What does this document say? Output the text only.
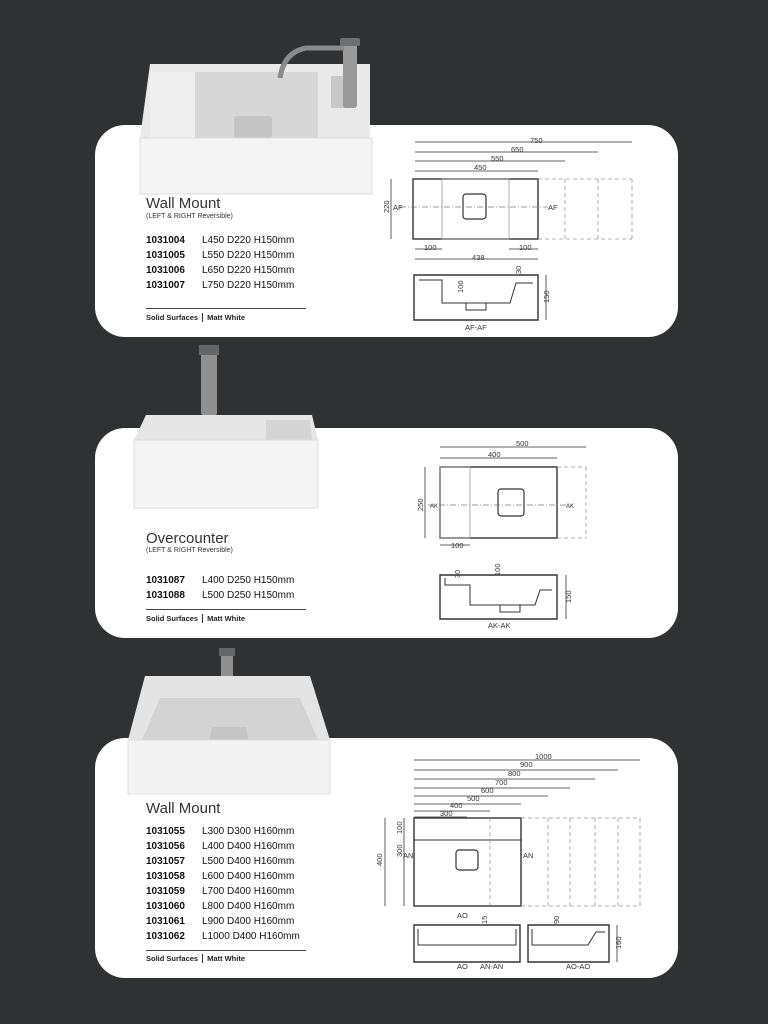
Wall Mount
(LEFT & RIGHT Reversible)
1031004	L450 D220 H150mm
1031005	L550 D220 H150mm
1031006	L650 D220 H150mm
1031007	L750 D220 H150mm
Solid Surfaces Matt White
Overcounter
(LEFT & RIGHT Reversible)
1031087	L400 D250 H150mm
1031088	L500 D250 H150mm
Solid Surfaces Matt White
Wall Mount
1031055	L300 D300 H160mm
1031056	L400 D400 H160mm
1031057	L500 D400 H160mm
1031058	L600 D400 H160mm
1031059	L700 D400 H160mm
1031060	L800 D400 H160mm
1031061	L900 D400 H160mm
1031062	L1000 D400 H160mm
Solid Surfaces Matt White
750
650
550
450
220
100	100
438
AF	AF
AF-AF
100
30
150
500
400
250
100
AK	AK
AK-AK
30	100
150
1000
900
800
700
600
500
400
300
400
100
300 AN	AN
AO
AO AN-AN	AO-AO
15	90
160
